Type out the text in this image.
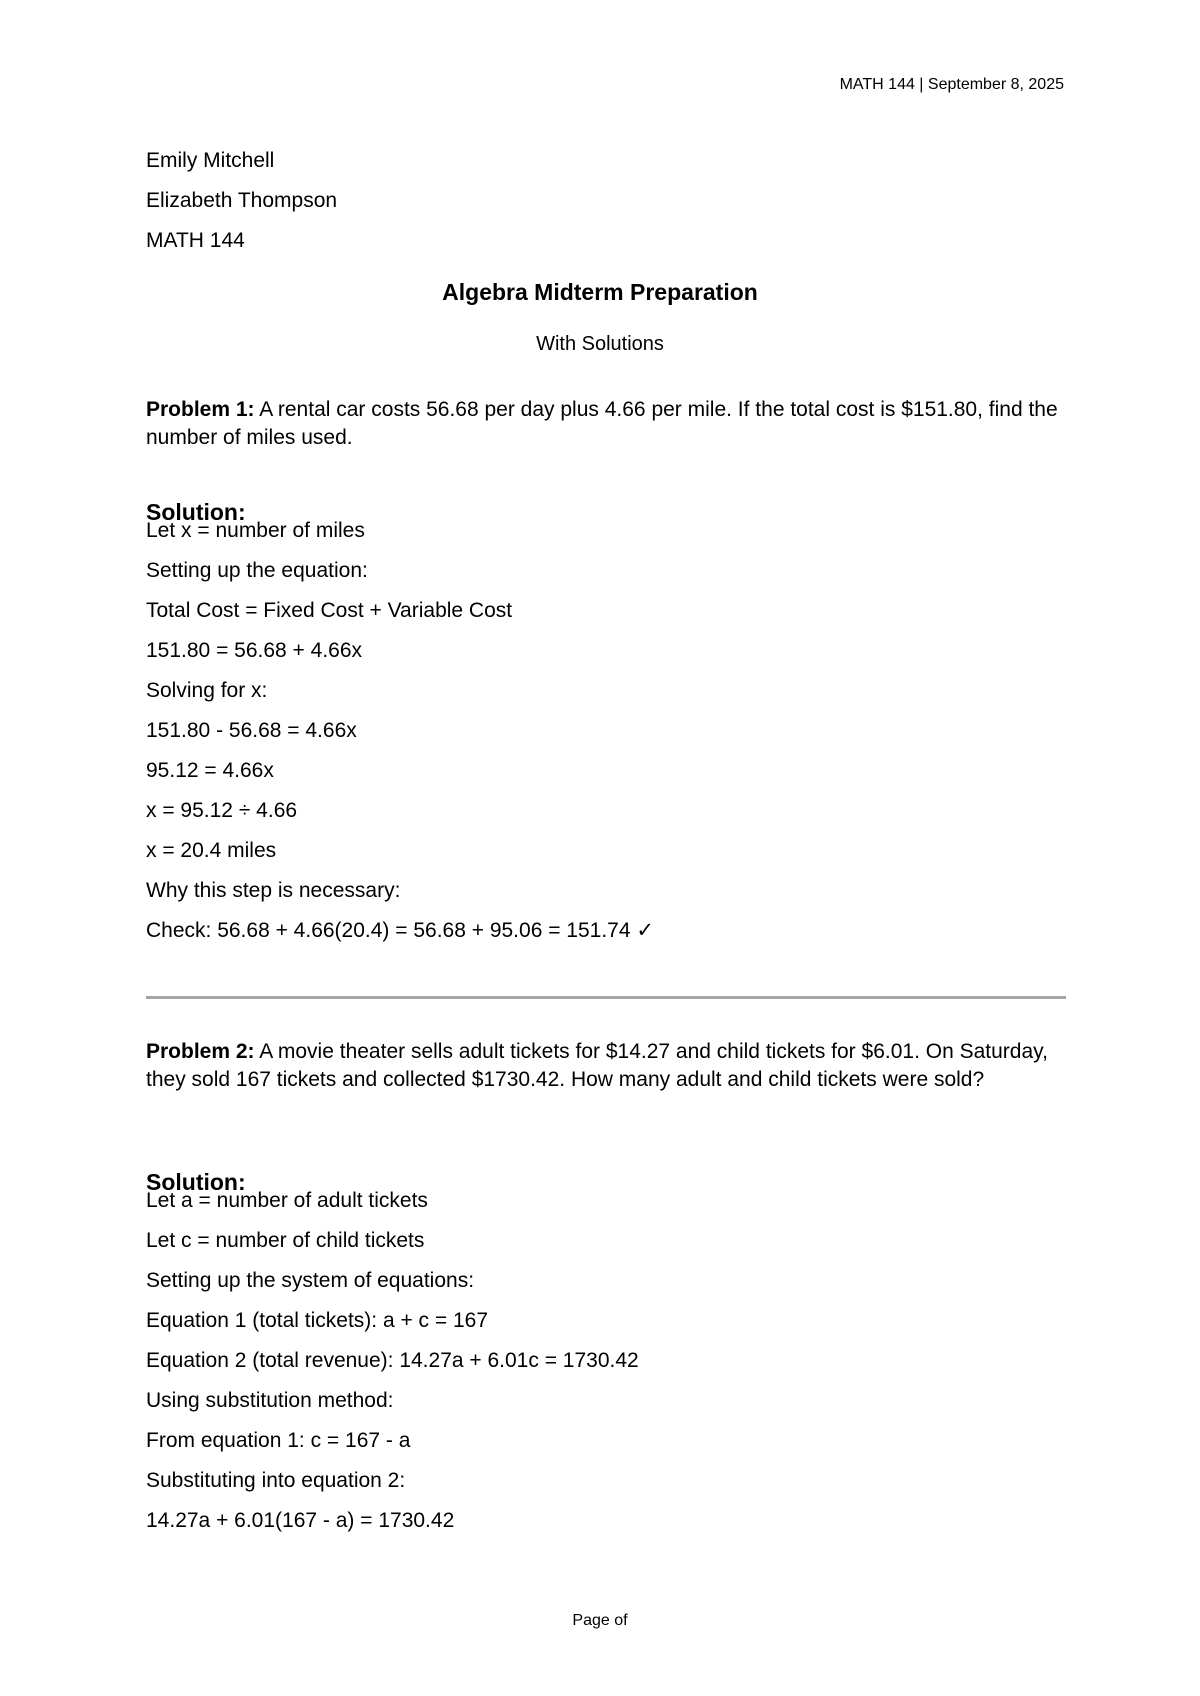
MATH 144 | September 8, 2025

Emily Mitchell

Elizabeth Thompson

MATH 144

Algebra Midterm Preparation
With Solutions
Problem 1: A rental car costs 56.68 per day plus 4.66 per mile. If the total cost is $151.80, find the number of miles used.

Solution:

Let x = number of miles

Setting up the equation:

Total Cost = Fixed Cost + Variable Cost

151.80 = 56.68 + 4.66x

Solving for x:

151.80 - 56.68 = 4.66x

95.12 = 4.66x

x = 95.12 ÷ 4.66

x = 20.4 miles

Why this step is necessary:

Check: 56.68 + 4.66(20.4) = 56.68 + 95.06 = 151.74 ✓

Problem 2: A movie theater sells adult tickets for $14.27 and child tickets for $6.01. On Saturday, they sold 167 tickets and collected $1730.42. How many adult and child tickets were sold?

Solution:

Let a = number of adult tickets

Let c = number of child tickets

Setting up the system of equations:

Equation 1 (total tickets): a + c = 167

Equation 2 (total revenue): 14.27a + 6.01c = 1730.42

Using substitution method:

From equation 1: c = 167 - a

Substituting into equation 2:

14.27a + 6.01(167 - a) = 1730.42

Page of
